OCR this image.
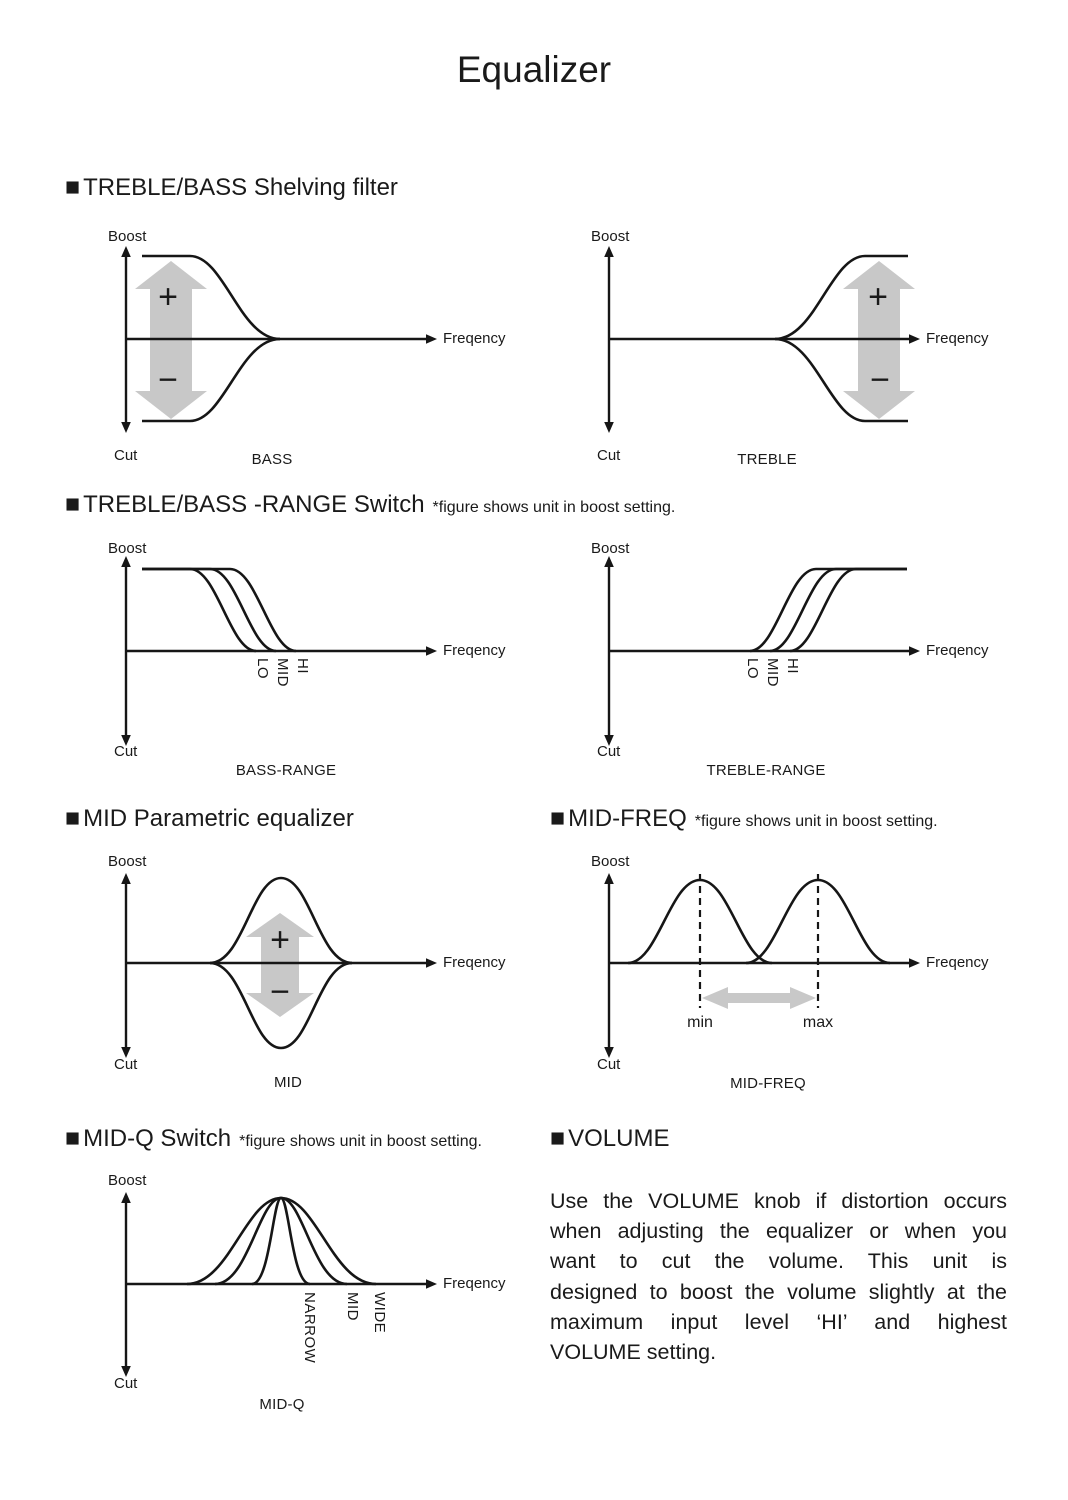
Equalizer
■ TREBLE/BASS Shelving filter
Boost
Cut
Freqency
+
−
BASS
Boost
Cut
Freqency
+
−
TREBLE
■ TREBLE/BASS -RANGE Switch *figure shows unit in boost setting.
Boost
Cut
Freqency
LO MID HI
BASS-RANGE
Boost
Cut
Freqency
LO MID HI
TREBLE-RANGE
■ MID Parametric equalizer	■ MID-FREQ *figure shows unit in boost setting.
Boost
Cut
Freqency
+
−
MID
Boost
Cut
Freqency
min	max
MID-FREQ
■ MID-Q Switch *figure shows unit in boost setting.	■ VOLUME
Boost
Cut
Freqency
NARROW MID WIDE
MID-Q
Use the VOLUME knob if distortion occurs
when adjusting the equalizer or when you
want to cut the volume. This unit is
designed to boost the volume slightly at the
maximum input level ‘HI’ and highest
VOLUME setting.
